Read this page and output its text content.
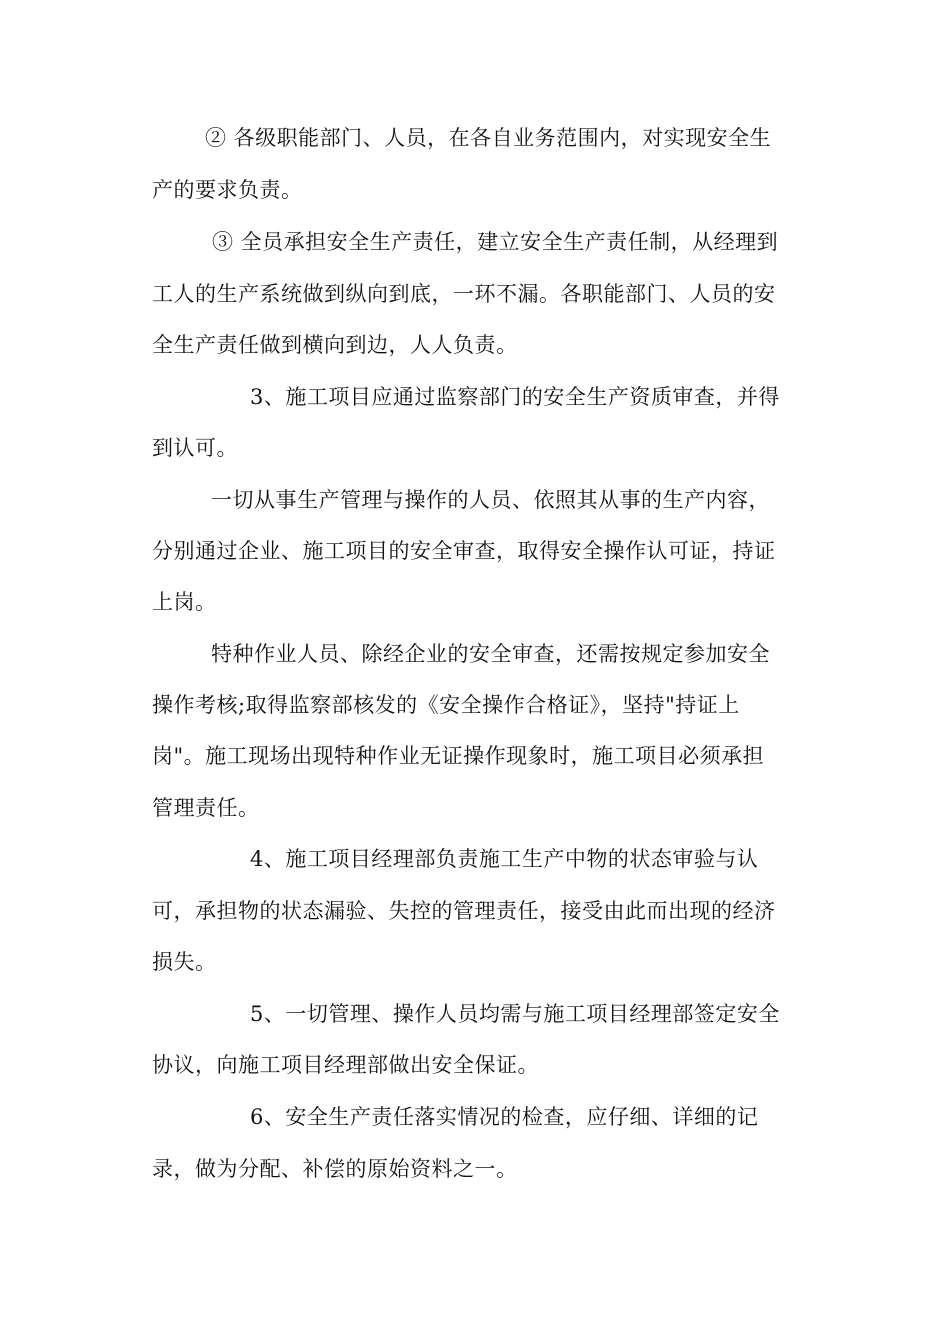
② 各级职能部门、人员，在各自业务范围内，对实现安全生
产的要求负责。
③ 全员承担安全生产责任，建立安全生产责任制，从经理到
工人的生产系统做到纵向到底，一环不漏。各职能部门、人员的安
全生产责任做到横向到边，人人负责。
3、施工项目应通过监察部门的安全生产资质审查，并得
到认可。
一切从事生产管理与操作的人员、依照其从事的生产内容，
分别通过企业、施工项目的安全审查，取得安全操作认可证，持证
上岗。
特种作业人员、除经企业的安全审查，还需按规定参加安全
操作考核;取得监察部核发的《安全操作合格证》，坚持"持证上
岗"。施工现场出现特种作业无证操作现象时，施工项目必须承担
管理责任。
4、施工项目经理部负责施工生产中物的状态审验与认
可，承担物的状态漏验、失控的管理责任，接受由此而出现的经济
损失。
5、一切管理、操作人员均需与施工项目经理部签定安全
协议，向施工项目经理部做出安全保证。
6、安全生产责任落实情况的检查，应仔细、详细的记
录，做为分配、补偿的原始资料之一。
